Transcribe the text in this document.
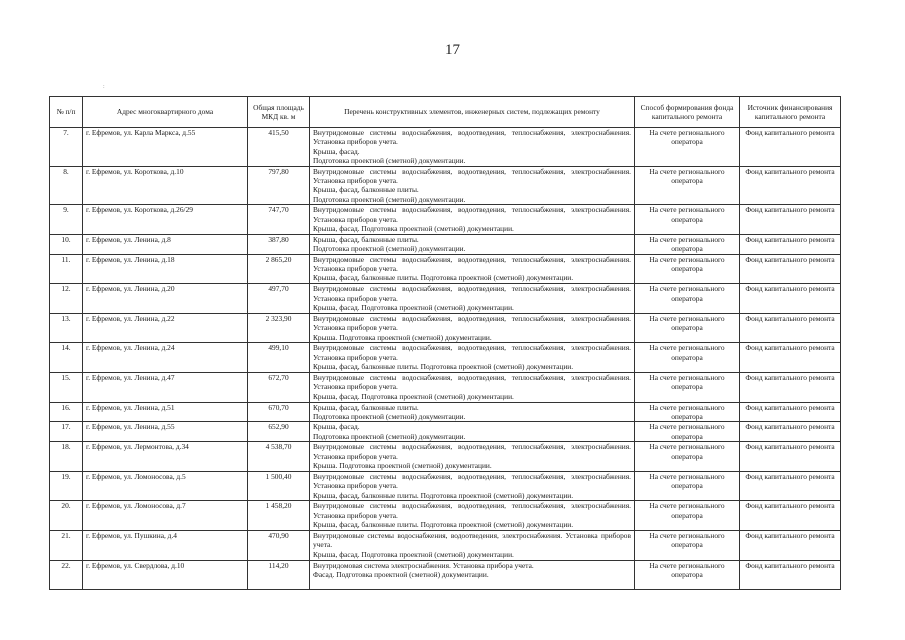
17
:
№ п/п	Адрес многоквартирного дома	Общая площадь МКД кв. м	Перечень конструктивных элементов, инженерных систем, подлежащих ремонту	Способ формирования фонда капитального ремонта	Источник финансирования капитального ремонта
7.	г. Ефремов, ул. Карла Маркса, д.55	415,50	Внутридомовые системы водоснабжения, водоотведения, теплоснабжения, электроснабжения. Установка приборов учета.
Крыша, фасад.
Подготовка проектной (сметной) документации.	На счете регионального оператора	Фонд капитального ремонта
8.	г. Ефремов, ул. Короткова, д.10	797,80	Внутридомовые системы водоснабжения, водоотведения, теплоснабжения, электроснабжения. Установка приборов учета.
Крыша, фасад, балконные плиты.
Подготовка проектной (сметной) документации.	На счете регионального оператора	Фонд капитального ремонта
9.	г. Ефремов, ул. Короткова, д.26/29	747,70	Внутридомовые системы водоснабжения, водоотведения, теплоснабжения, электроснабжения. Установка приборов учета.
Крыша, фасад. Подготовка проектной (сметной) документации.	На счете регионального оператора	Фонд капитального ремонта
10.	г. Ефремов, ул. Ленина, д.8	387,80	Крыша, фасад, балконные плиты.
Подготовка проектной (сметной) документации.	На счете регионального оператора	Фонд капитального ремонта
11.	г. Ефремов, ул. Ленина, д.18	2 865,20	Внутридомовые системы водоснабжения, водоотведения, теплоснабжения, электроснабжения. Установка приборов учета.
Крыша, фасад, балконные плиты. Подготовка проектной (сметной) документации.	На счете регионального оператора	Фонд капитального ремонта
12.	г. Ефремов, ул. Ленина, д.20	497,70	Внутридомовые системы водоснабжения, водоотведения, теплоснабжения, электроснабжения. Установка приборов учета.
Крыша, фасад. Подготовка проектной (сметной) документации.	На счете регионального оператора	Фонд капитального ремонта
13.	г. Ефремов, ул. Ленина, д.22	2 323,90	Внутридомовые системы водоснабжения, водоотведения, теплоснабжения, электроснабжения. Установка приборов учета.
Крыша. Подготовка проектной (сметной) документации.	На счете регионального оператора	Фонд капитального ремонта
14.	г. Ефремов, ул. Ленина, д.24	499,10	Внутридомовые системы водоснабжения, водоотведения, теплоснабжения, электроснабжения. Установка приборов учета.
Крыша, фасад, балконные плиты. Подготовка проектной (сметной) документации.	На счете регионального оператора	Фонд капитального ремонта
15.	г. Ефремов, ул. Ленина, д.47	672,70	Внутридомовые системы водоснабжения, водоотведения, теплоснабжения, электроснабжения. Установка приборов учета.
Крыша, фасад. Подготовка проектной (сметной) документации.	На счете регионального оператора	Фонд капитального ремонта
16.	г. Ефремов, ул. Ленина, д.51	670,70	Крыша, фасад, балконные плиты.
Подготовка проектной (сметной) документации.	На счете регионального оператора	Фонд капитального ремонта
17.	г. Ефремов, ул. Ленина, д.55	652,90	Крыша, фасад.
Подготовка проектной (сметной) документации.	На счете регионального оператора	Фонд капитального ремонта
18.	г. Ефремов, ул. Лермонтова, д.34	4 538,70	Внутридомовые системы водоснабжения, водоотведения, теплоснабжения, электроснабжения. Установка приборов учета.
Крыша. Подготовка проектной (сметной) документации.	На счете регионального оператора	Фонд капитального ремонта
19.	г. Ефремов, ул. Ломоносова, д.5	1 500,40	Внутридомовые системы водоснабжения, водоотведения, теплоснабжения, электроснабжения. Установка приборов учета.
Крыша, фасад, балконные плиты. Подготовка проектной (сметной) документации.	На счете регионального оператора	Фонд капитального ремонта
20.	г. Ефремов, ул. Ломоносова, д.7	1 458,20	Внутридомовые системы водоснабжения, водоотведения, теплоснабжения, электроснабжения. Установка приборов учета.
Крыша, фасад, балконные плиты. Подготовка проектной (сметной) документации.	На счете регионального оператора	Фонд капитального ремонта
21.	г. Ефремов, ул. Пушкина, д.4	470,90	Внутридомовые системы водоснабжения, водоотведения, электроснабжения. Установка приборов учета.
Крыша, фасад. Подготовка проектной (сметной) документации.	На счете регионального оператора	Фонд капитального ремонта
22.	г. Ефремов, ул. Свердлова, д.10	114,20	Внутридомовая система электроснабжения. Установка прибора учета.
Фасад. Подготовка проектной (сметной) документации.	На счете регионального оператора	Фонд капитального ремонта
